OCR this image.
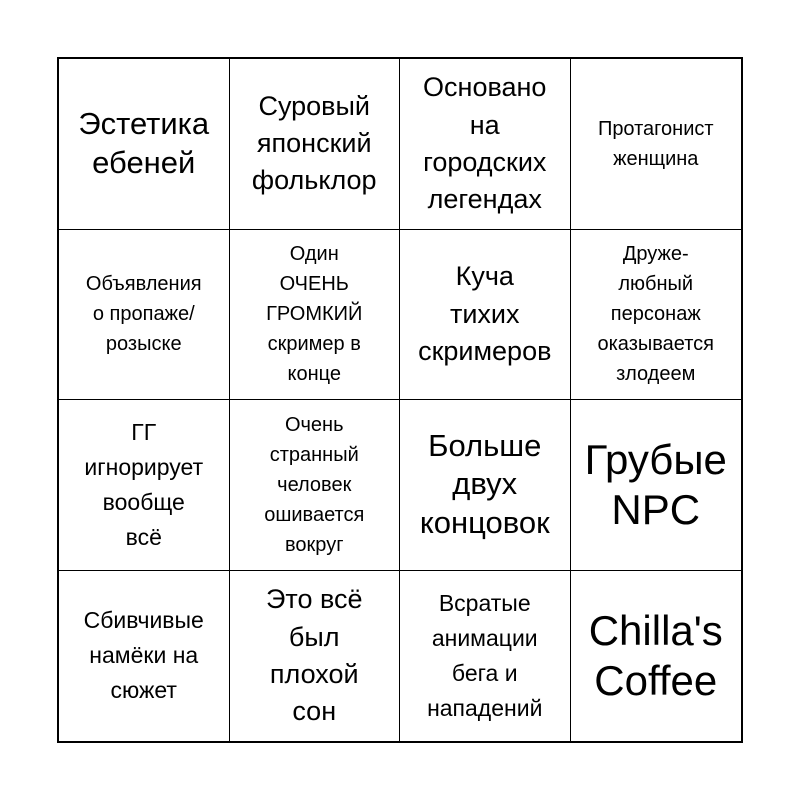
Эстетика
ебеней
Суровый
японский
фольклор
Основано
на
городских
легендах
Протагонист
женщина
Объявления
о пропаже/
розыске
Один
ОЧЕНЬ
ГРОМКИЙ
скример в
конце
Куча
тихих
скримеров
Друже-
любный
персонаж
оказывается
злодеем
ГГ
игнорирует
вообще
всё
Очень
странный
человек
ошивается
вокруг
Больше
двух
концовок
Грубые
NPC
Сбивчивые
намёки на
сюжет
Это всё
был
плохой
сон
Всратые
анимации
бега и
нападений
Chilla's
Coffee
